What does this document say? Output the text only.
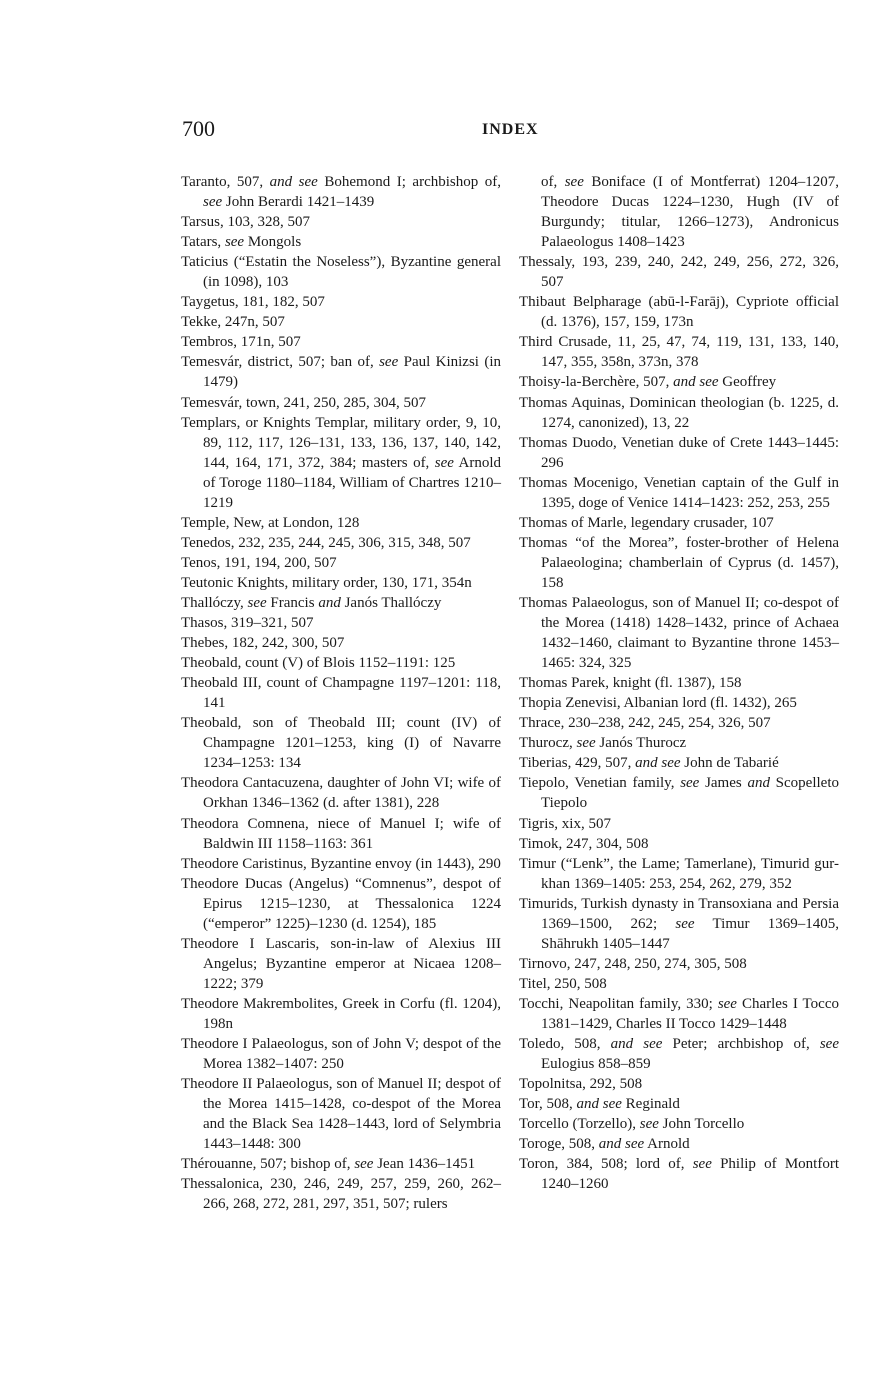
700	INDEX

Taranto, 507, and see Bohemond I; archbishop of, see John Berardi 1421–1439

Tarsus, 103, 328, 507

Tatars, see Mongols

Taticius (“Estatin the Noseless”), Byzantine general (in 1098), 103

Taygetus, 181, 182, 507

Tekke, 247n, 507

Tembros, 171n, 507

Temesvár, district, 507; ban of, see Paul Kinizsi (in 1479)

Temesvár, town, 241, 250, 285, 304, 507

Templars, or Knights Templar, military order, 9, 10, 89, 112, 117, 126–131, 133, 136, 137, 140, 142, 144, 164, 171, 372, 384; masters of, see Arnold of Toroge 1180–1184, William of Chartres 1210–1219

Temple, New, at London, 128

Tenedos, 232, 235, 244, 245, 306, 315, 348, 507

Tenos, 191, 194, 200, 507

Teutonic Knights, military order, 130, 171, 354n

Thallóczy, see Francis and Janós Thallóczy

Thasos, 319–321, 507

Thebes, 182, 242, 300, 507

Theobald, count (V) of Blois 1152–1191: 125

Theobald III, count of Champagne 1197–1201: 118, 141

Theobald, son of Theobald III; count (IV) of Champagne 1201–1253, king (I) of Navarre 1234–1253: 134

Theodora Cantacuzena, daughter of John VI; wife of Orkhan 1346–1362 (d. after 1381), 228

Theodora Comnena, niece of Manuel I; wife of Baldwin III 1158–1163: 361

Theodore Caristinus, Byzantine envoy (in 1443), 290

Theodore Ducas (Angelus) “Comnenus”, despot of Epirus 1215–1230, at Thessalonica 1224 (“emperor” 1225)–1230 (d. 1254), 185

Theodore I Lascaris, son-in-law of Alexius III Angelus; Byzantine emperor at Nicaea 1208–1222; 379

Theodore Makrembolites, Greek in Corfu (fl. 1204), 198n

Theodore I Palaeologus, son of John V; despot of the Morea 1382–1407: 250

Theodore II Palaeologus, son of Manuel II; despot of the Morea 1415–1428, co-despot of the Morea and the Black Sea 1428–1443, lord of Selymbria 1443–1448: 300

Thérouanne, 507; bishop of, see Jean 1436–1451

Thessalonica, 230, 246, 249, 257, 259, 260, 262–266, 268, 272, 281, 297, 351, 507; rulers

of, see Boniface (I of Montferrat) 1204–1207, Theodore Ducas 1224–1230, Hugh (IV of Burgundy; titular, 1266–1273), Andronicus Palaeologus 1408–1423

Thessaly, 193, 239, 240, 242, 249, 256, 272, 326, 507

Thibaut Belpharage (abū-l-Farāj), Cypriote official (d. 1376), 157, 159, 173n

Third Crusade, 11, 25, 47, 74, 119, 131, 133, 140, 147, 355, 358n, 373n, 378

Thoisy-la-Berchère, 507, and see Geoffrey

Thomas Aquinas, Dominican theologian (b. 1225, d. 1274, canonized), 13, 22

Thomas Duodo, Venetian duke of Crete 1443–1445: 296

Thomas Mocenigo, Venetian captain of the Gulf in 1395, doge of Venice 1414–1423: 252, 253, 255

Thomas of Marle, legendary crusader, 107

Thomas “of the Morea”, foster-brother of Helena Palaeologina; chamberlain of Cyprus (d. 1457), 158

Thomas Palaeologus, son of Manuel II; co-despot of the Morea (1418) 1428–1432, prince of Achaea 1432–1460, claimant to Byzantine throne 1453–1465: 324, 325

Thomas Parek, knight (fl. 1387), 158

Thopia Zenevisi, Albanian lord (fl. 1432), 265

Thrace, 230–238, 242, 245, 254, 326, 507

Thurocz, see Janós Thurocz

Tiberias, 429, 507, and see John de Tabarié

Tiepolo, Venetian family, see James and Scopelleto Tiepolo

Tigris, xix, 507

Timok, 247, 304, 508

Timur (“Lenk”, the Lame; Tamerlane), Timurid gur-khan 1369–1405: 253, 254, 262, 279, 352

Timurids, Turkish dynasty in Transoxiana and Persia 1369–1500, 262; see Timur 1369–1405, Shāhrukh 1405–1447

Tirnovo, 247, 248, 250, 274, 305, 508

Titel, 250, 508

Tocchi, Neapolitan family, 330; see Charles I Tocco 1381–1429, Charles II Tocco 1429–1448

Toledo, 508, and see Peter; archbishop of, see Eulogius 858–859

Topolnitsa, 292, 508

Tor, 508, and see Reginald

Torcello (Torzello), see John Torcello

Toroge, 508, and see Arnold

Toron, 384, 508; lord of, see Philip of Montfort 1240–1260
